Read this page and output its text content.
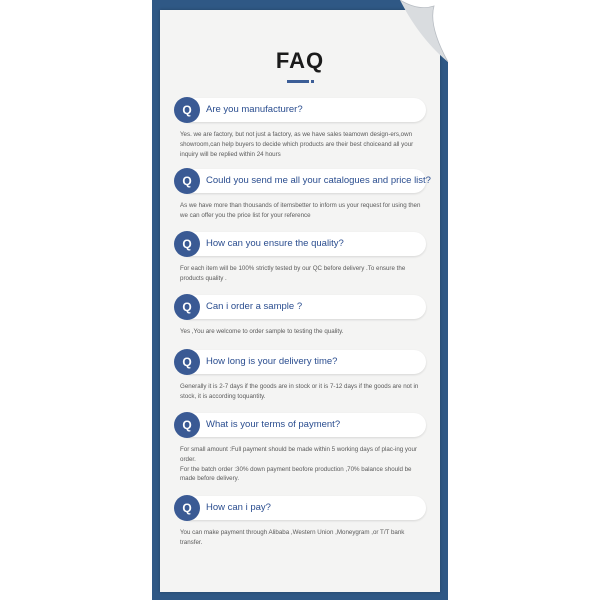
FAQ
Q	Are you manufacturer?

Yes. we are factory, but not just a factory, as we have sales teamown design-ers,own showroom,can help buyers to decide which products are their best choiceand all your inquiry will be replied within 24 hours

Q	Could you send me all your catalogues and price list?

As we have more than thousands of itemsbetter to inform us your request for using then we can offer you the price list for your reference

Q	How can you ensure the quality?

For each item will be 100% strictly tested by our QC before delivery .To ensure the products quality .

Q	Can i order a sample ?

Yes ,You are welcome to order sample to testing the quality.

Q	How long is your delivery time?

Generally it is 2-7 days if the goods are in stock or it is 7-12 days if the goods are not in stock, it is according toquantity.

Q	What is your terms of payment?

For small amount :Full payment should be made within 5 working days of plac-ing your order.

For the batch order :30% down payment beofore production ,70% balance should be made before delivery.

Q	How can i pay?

You can make payment through Alibaba ,Western Union ,Moneygram ,or T/T bank transfer.
